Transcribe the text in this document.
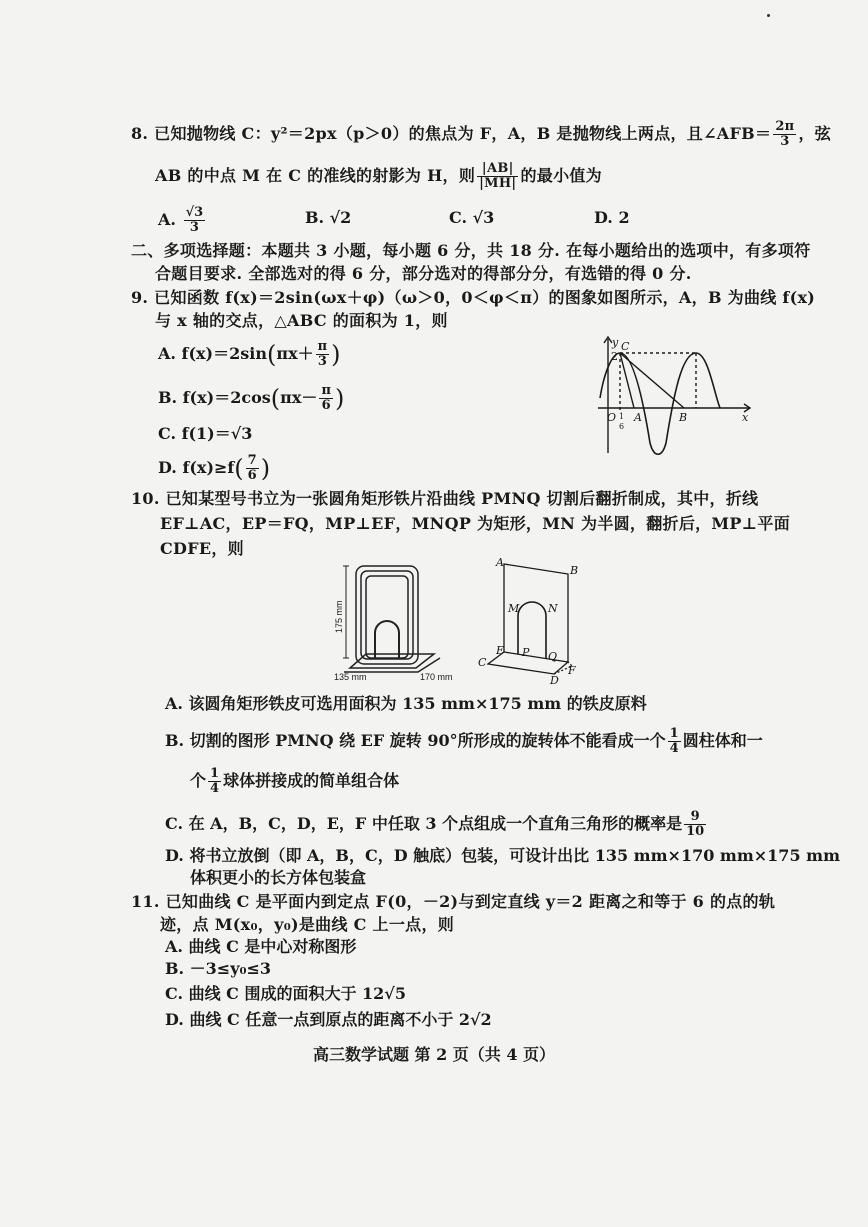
8. 已知抛物线 C：y²＝2px（p＞0）的焦点为 F，A，B 是抛物线上两点，且∠AFB＝ $\frac{2\pi}{3}$ ，弦
AB 的中点 M 在 C 的准线的射影为 H，则 $\frac{|AB|}{|MH|}$ 的最小值为
A. $\frac{√3}{3}$	B. √2	C. √3	D. 2
二、多项选择题：本题共 3 小题，每小题 6 分，共 18 分. 在每小题给出的选项中，有多项符
合题目要求. 全部选对的得 6 分，部分选对的得部分分，有选错的得 0 分.
9. 已知函数 f(x)＝2sin(ωx＋φ)（ω＞0，0＜φ＜π）的图象如图所示，A，B 为曲线 f(x)
与 x 轴的交点，△ABC 的面积为 1，则
A. $f(x)=2\sin(\pi x+ \frac{\pi}{3}$ )
B. $f(x)=2\cos(\pi x- \frac{\pi}{6}$ )
C. f(1)＝√3
D. $f(x)\ge f( \frac{7}{6}$ )
y C
2
O A	B	x
1
6
10. 已知某型号书立为一张圆角矩形铁片沿曲线 PMNQ 切割后翻折制成，其中，折线
EF⊥AC，EP＝FQ，MP⊥EF，MNQP 为矩形，MN 为半圆，翻折后，MP⊥平面
CDFE，则
175 mm
135 mm	170 mm
A
B
M	N
E P Q
C
F
D
A. 该圆角矩形铁皮可选用面积为 135 mm×175 mm 的铁皮原料
B. 切割的图形 PMNQ 绕 EF 旋转 90°所形成的旋转体不能看成一个 $\frac{1}{4}$ 圆柱体和一
个 $\frac{1}{4}$ 球体拼接成的简单组合体
C. 在 A，B，C，D，E，F 中任取 3 个点组成一个直角三角形的概率是 $\frac{9}{10}$
D. 将书立放倒（即 A，B，C，D 触底）包装，可设计出比 135 mm×170 mm×175 mm
体积更小的长方体包装盒
11. 已知曲线 C 是平面内到定点 F(0，－2)与到定直线 y＝2 距离之和等于 6 的点的轨
迹，点 M(x₀，y₀)是曲线 C 上一点，则
A. 曲线 C 是中心对称图形
B. －3≤y₀≤3
C. 曲线 C 围成的面积大于 12√5
D. 曲线 C 任意一点到原点的距离不小于 2√2
高三数学试题 第 2 页（共 4 页）
